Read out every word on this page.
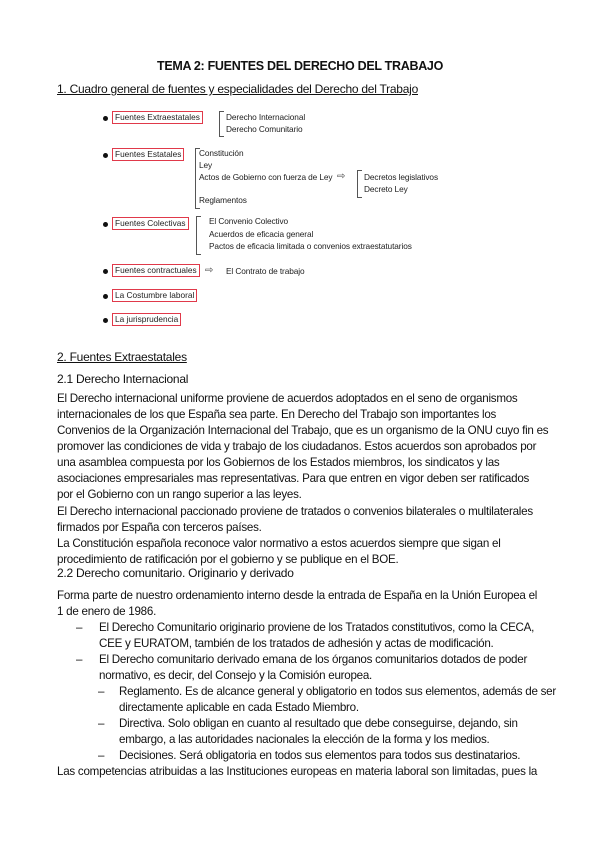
TEMA 2: FUENTES DEL DERECHO DEL TRABAJO
1. Cuadro general de fuentes y especialidades del Derecho del Trabajo
Fuentes Extraestatales	Derecho Internacional
Derecho Comunitario
Fuentes Estatales	Constitución
Ley
Actos de Gobierno con fuerza de Ley ⇨ Decretos legislativos
Decreto Ley
Reglamentos
Fuentes Colectivas	El Convenio Colectivo
Acuerdos de eficacia general
Pactos de eficacia limitada o convenios extraestatutarios
Fuentes contractuales ⇨ El Contrato de trabajo
La Costumbre laboral
La jurisprudencia
2. Fuentes Extraestatales
2.1 Derecho Internacional
El Derecho internacional uniforme proviene de acuerdos adoptados en el seno de organismos
internacionales de los que España sea parte. En Derecho del Trabajo son importantes los
Convenios de la Organización Internacional del Trabajo, que es un organismo de la ONU cuyo fin es
promover las condiciones de vida y trabajo de los ciudadanos. Estos acuerdos son aprobados por
una asamblea compuesta por los Gobiernos de los Estados miembros, los sindicatos y las
asociaciones empresariales mas representativas. Para que entren en vigor deben ser ratificados
por el Gobierno con un rango superior a las leyes.
El Derecho internacional paccionado proviene de tratados o convenios bilaterales o multilaterales
firmados por España con terceros países.
La Constitución española reconoce valor normativo a estos acuerdos siempre que sigan el
procedimiento de ratificación por el gobierno y se publique en el BOE.
2.2 Derecho comunitario. Originario y derivado
Forma parte de nuestro ordenamiento interno desde la entrada de España en la Unión Europea el
1 de enero de 1986.
– El Derecho Comunitario originario proviene de los Tratados constitutivos, como la CECA,
CEE y EURATOM, también de los tratados de adhesión y actas de modificación.
– El Derecho comunitario derivado emana de los órganos comunitarios dotados de poder
normativo, es decir, del Consejo y la Comisión europea.
– Reglamento. Es de alcance general y obligatorio en todos sus elementos, además de ser
directamente aplicable en cada Estado Miembro.
– Directiva. Solo obligan en cuanto al resultado que debe conseguirse, dejando, sin
embargo, a las autoridades nacionales la elección de la forma y los medios.
– Decisiones. Será obligatoria en todos sus elementos para todos sus destinatarios.
Las competencias atribuidas a las Instituciones europeas en materia laboral son limitadas, pues la
